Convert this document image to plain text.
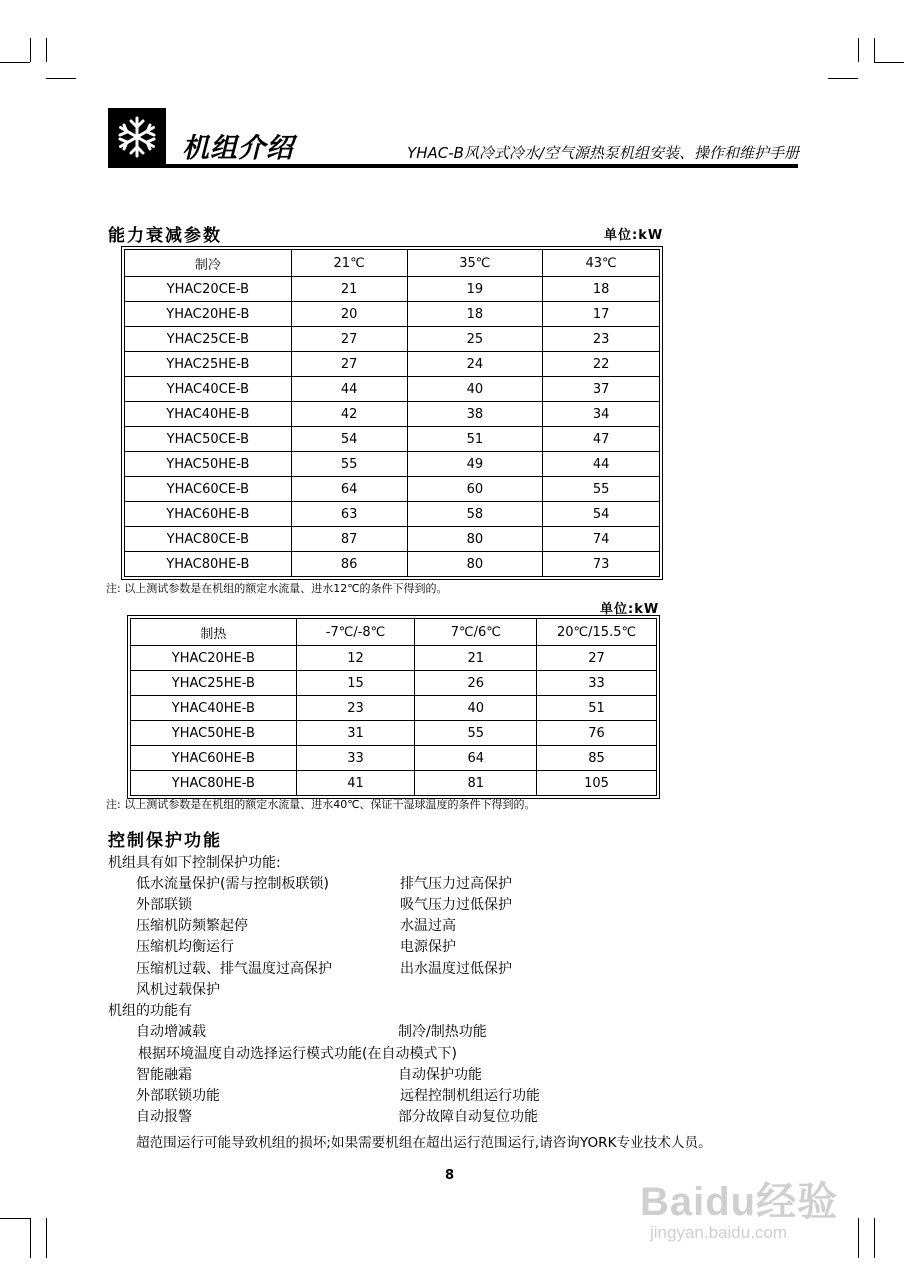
机组介绍	YHAC-B风冷式冷水/空气源热泵机组安装、操作和维护手册
能力衰减参数	单位:kW
制冷	21℃	35℃	43℃
YHAC20CE-B	21	19	18
YHAC20HE-B	20	18	17
YHAC25CE-B	27	25	23
YHAC25HE-B	27	24	22
YHAC40CE-B	44	40	37
YHAC40HE-B	42	38	34
YHAC50CE-B	54	51	47
YHAC50HE-B	55	49	44
YHAC60CE-B	64	60	55
YHAC60HE-B	63	58	54
YHAC80CE-B	87	80	74
YHAC80HE-B	86	80	73
注: 以上测试参数是在机组的额定水流量、进水12℃的条件下得到的。
单位:kW
制热	-7℃/-8℃	7℃/6℃	20℃/15.5℃
YHAC20HE-B	12	21	27
YHAC25HE-B	15	26	33
YHAC40HE-B	23	40	51
YHAC50HE-B	31	55	76
YHAC60HE-B	33	64	85
YHAC80HE-B	41	81	105
注: 以上测试参数是在机组的额定水流量、进水40℃、保证干湿球温度的条件下得到的。
控制保护功能
机组具有如下控制保护功能:
低水流量保护(需与控制板联锁)	排气压力过高保护
外部联锁	吸气压力过低保护
压缩机防频繁起停	水温过高
压缩机均衡运行	电源保护
压缩机过载、排气温度过高保护	出水温度过低保护
风机过载保护
机组的功能有
自动增减载	制冷/制热功能
根据环境温度自动选择运行模式功能(在自动模式下)
智能融霜	自动保护功能
外部联锁功能	远程控制机组运行功能
自动报警	部分故障自动复位功能
超范围运行可能导致机组的损坏;如果需要机组在超出运行范围运行,请咨询YORK专业技术人员。
8
Baidu经验
jingyan.baidu.com
